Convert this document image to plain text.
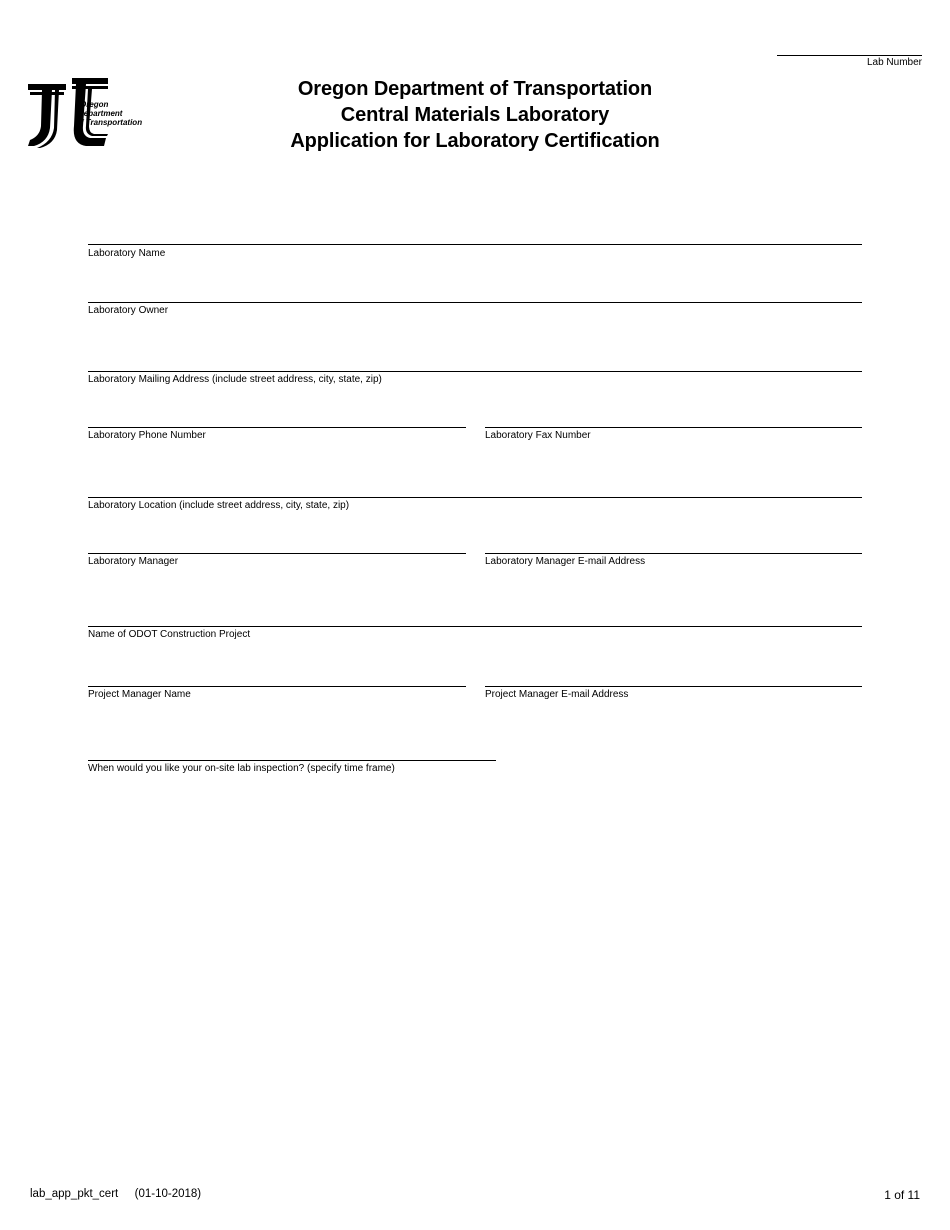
Lab Number
Oregon
Department
of Transportation
Oregon Department of Transportation
Central Materials Laboratory
Application for Laboratory Certification
Laboratory Name
Laboratory Owner
Laboratory Mailing Address (include street address, city, state, zip)
Laboratory Phone Number	Laboratory Fax Number
Laboratory Location (include street address, city, state, zip)
Laboratory Manager	Laboratory Manager E-mail Address
Name of ODOT Construction Project
Project Manager Name	Project Manager E-mail Address
When would you like your on-site lab inspection? (specify time frame)
lab_app_pkt_cert (01-10-2018)	1 of 11
